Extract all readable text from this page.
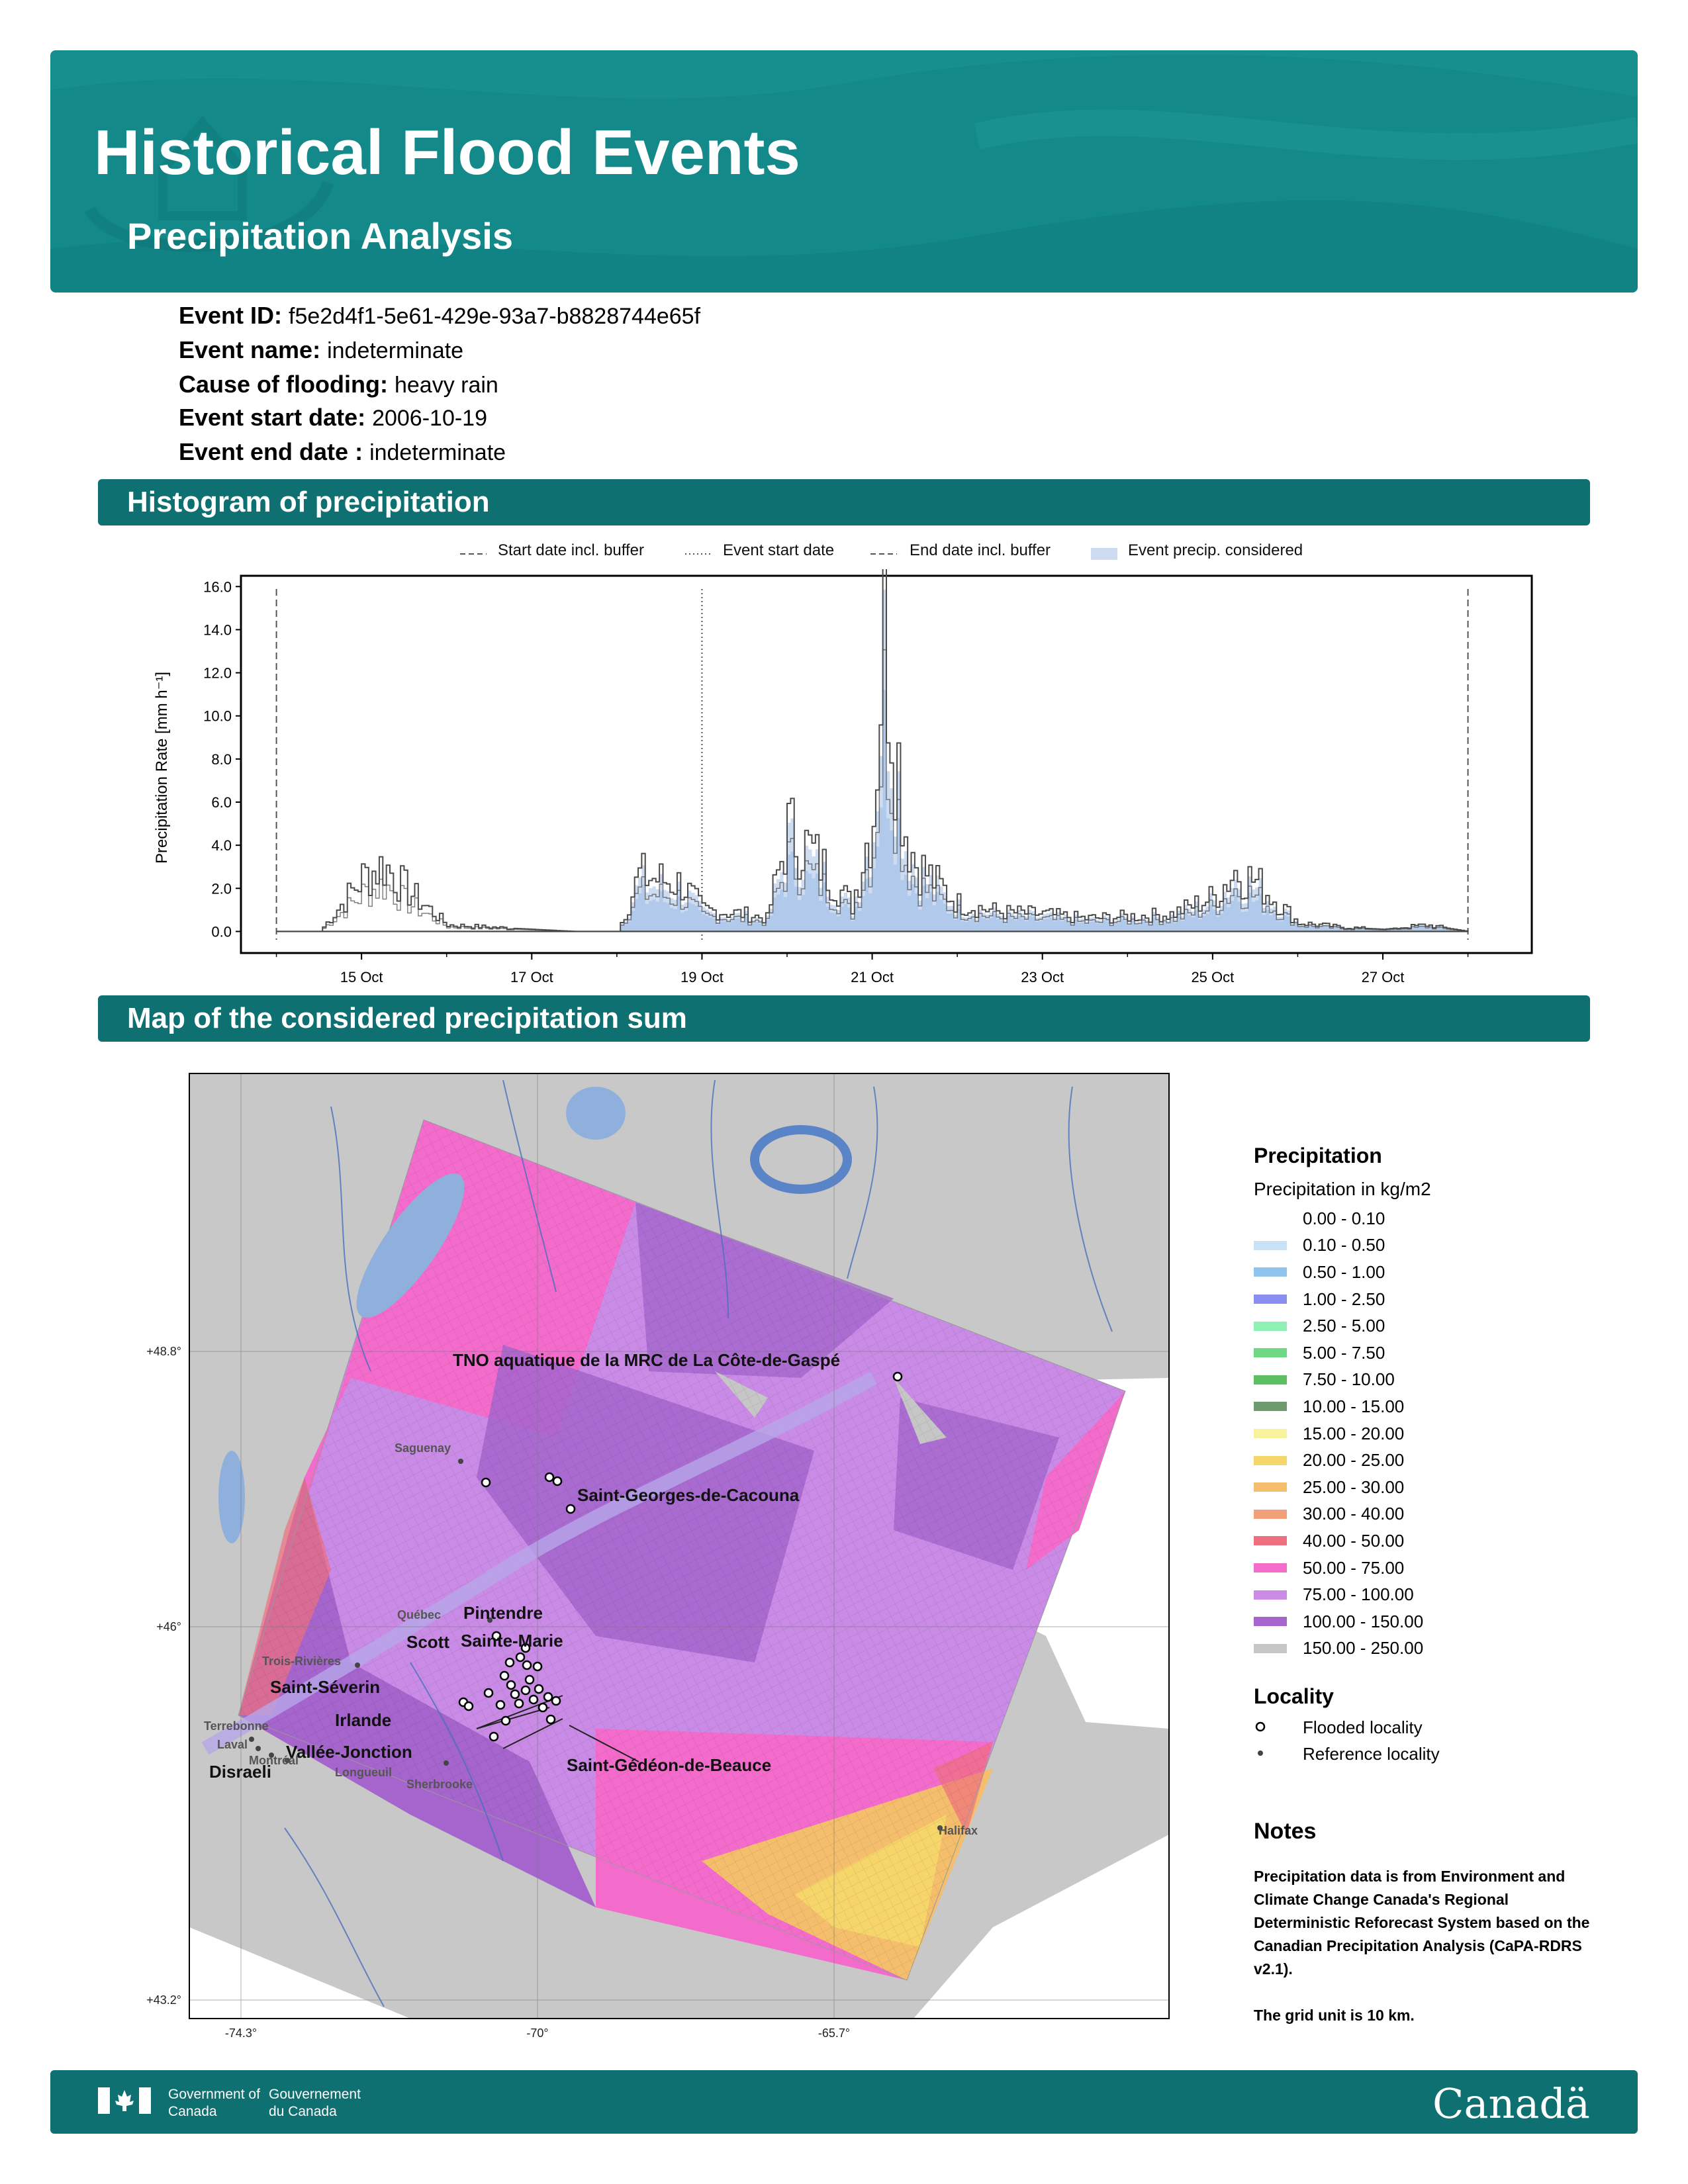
Historical Flood Events
Precipitation Analysis
Event ID: f5e2d4f1-5e61-429e-93a7-b8828744e65f
Event name: indeterminate
Cause of flooding: heavy rain
Event start date: 2006-10-19
Event end date : indeterminate
Histogram of precipitation
Start date incl. buffer	Event start date	End date incl. buffer	Event precip. considered
0.0
2.0
4.0
6.0
8.0
10.0
12.0
14.0
16.0
15 Oct	17 Oct	19 Oct	21 Oct	23 Oct	25 Oct	27 Oct
Precipitation Rate [mm h⁻¹]
Map of the considered precipitation sum
TNO aquatique de la MRC de La Côte-de-Gaspé
Saint-Georges-de-Cacouna
Pintendre
Scott Sainte-Marie
Saint-Séverin
Irlande
Vallée-Jonction
Saint-Gédéon-de-Beauce
Disraeli
Saguenay
Québec
Trois-Rivières
Terrebonne
Laval
Montréal
Longueuil
Sherbrooke
Halifax
+48.8°
+46°
+43.2°
-74.3°	-70°	-65.7°
Precipitation
Precipitation in kg/m2
0.00 - 0.10
0.10 - 0.50
0.50 - 1.00
1.00 - 2.50
2.50 - 5.00
5.00 - 7.50
7.50 - 10.00
10.00 - 15.00
15.00 - 20.00
20.00 - 25.00
25.00 - 30.00
30.00 - 40.00
40.00 - 50.00
50.00 - 75.00
75.00 - 100.00
100.00 - 150.00
150.00 - 250.00
Locality
Flooded locality
Reference locality
Notes
Precipitation data is from Environment and Climate Change Canada's Regional Deterministic Reforecast System based on the Canadian Precipitation Analysis (CaPA-RDRS v2.1).
The grid unit is 10 km.
Government of Canada
Gouvernement du Canada	Canadä
